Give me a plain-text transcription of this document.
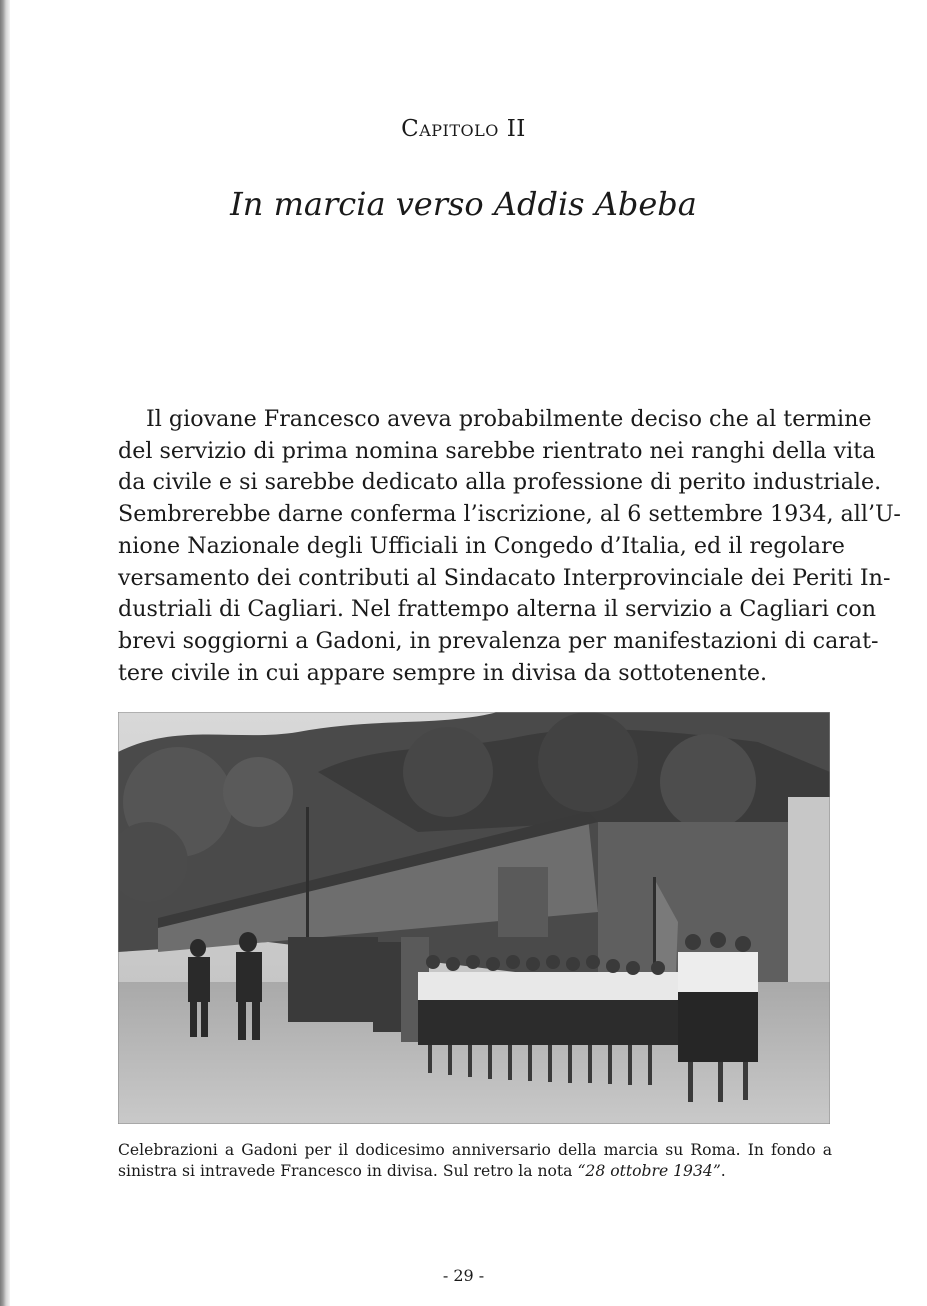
Capitolo II
In marcia verso Addis Abeba
Il giovane Francesco aveva probabilmente deciso che al termine
del servizio di prima nomina sarebbe rientrato nei ranghi della vita
da civile e si sarebbe dedicato alla professione di perito industriale.
Sembrerebbe darne conferma l’iscrizione, al 6 settembre 1934, all’U-
nione Nazionale degli Ufficiali in Congedo d’Italia, ed il regolare
versamento dei contributi al Sindacato Interprovinciale dei Periti In-
dustriali di Cagliari. Nel frattempo alterna il servizio a Cagliari con
brevi soggiorni a Gadoni, in prevalenza per manifestazioni di carat-
tere civile in cui appare sempre in divisa da sottotenente.
Celebrazioni a Gadoni per il dodicesimo anniversario della marcia su Roma. In fondo a
sinistra si intravede Francesco in divisa. Sul retro la nota “28 ottobre 1934”.
- 29 -
